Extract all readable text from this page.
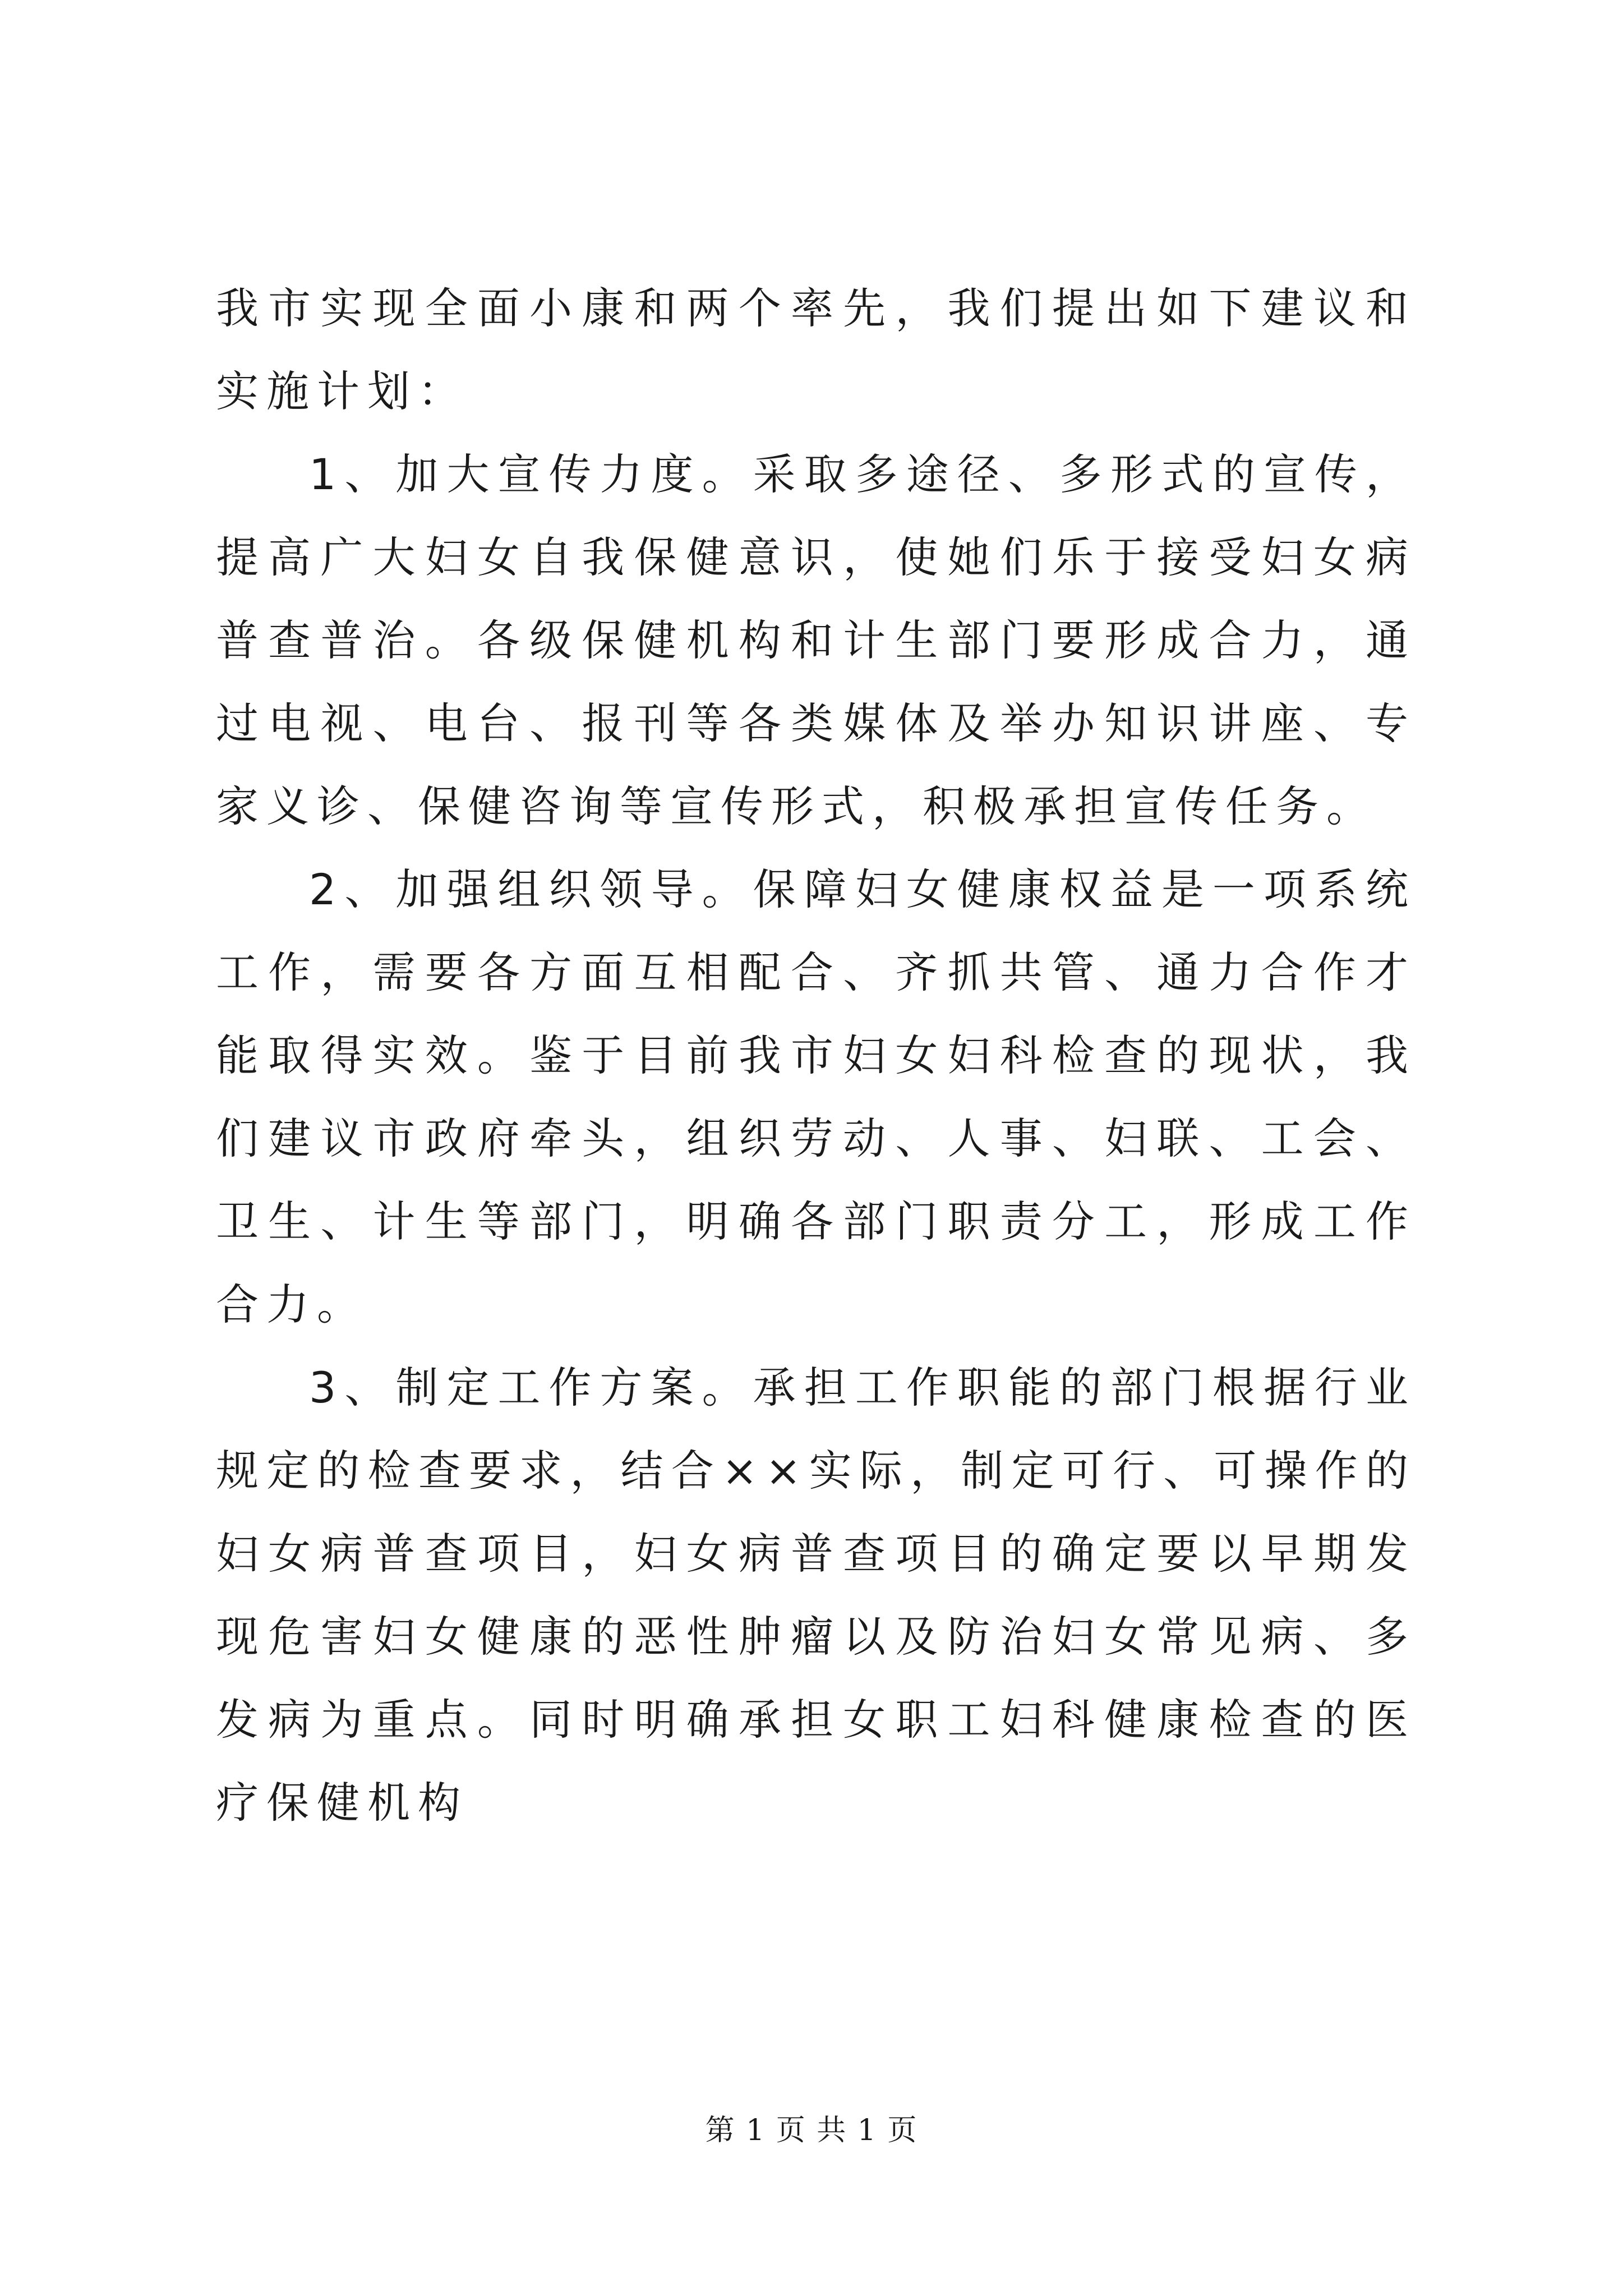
我市实现全面小康和两个率先，我们提出如下建议和实施计划：

1、加大宣传力度。采取多途径、多形式的宣传，提高广大妇女自我保健意识，使她们乐于接受妇女病普查普治。各级保健机构和计生部门要形成合力，通过电视、电台、报刊等各类媒体及举办知识讲座、专家义诊、保健咨询等宣传形式，积极承担宣传任务。

2、加强组织领导。保障妇女健康权益是一项系统工作，需要各方面互相配合、齐抓共管、通力合作才能取得实效。鉴于目前我市妇女妇科检查的现状，我们建议市政府牵头，组织劳动、人事、妇联、工会、卫生、计生等部门，明确各部门职责分工，形成工作合力。

3、制定工作方案。承担工作职能的部门根据行业规定的检查要求，结合××实际，制定可行、可操作的妇女病普查项目，妇女病普查项目的确定要以早期发现危害妇女健康的恶性肿瘤以及防治妇女常见病、多发病为重点。同时明确承担女职工妇科健康检查的医疗保健机构

第 1 页 共 1 页
